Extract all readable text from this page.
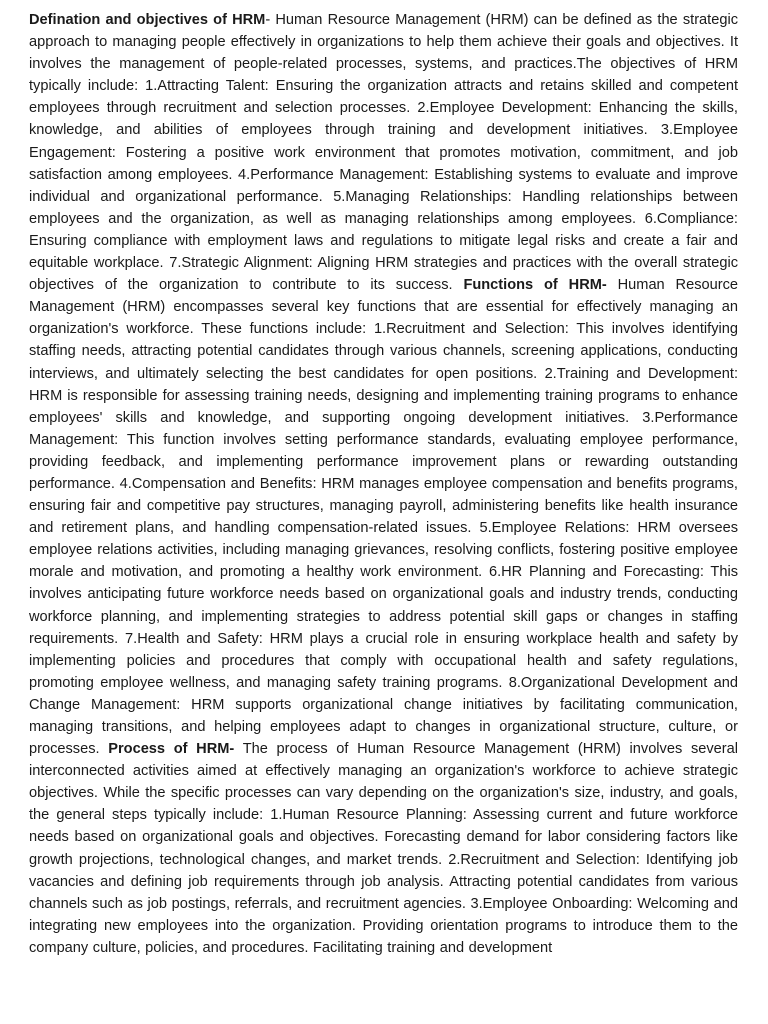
Defination and objectives of HRM- Human Resource Management (HRM) can be defined as the strategic approach to managing people effectively in organizations to help them achieve their goals and objectives. It involves the management of people-related processes, systems, and practices.The objectives of HRM typically include: 1.Attracting Talent: Ensuring the organization attracts and retains skilled and competent employees through recruitment and selection processes. 2.Employee Development: Enhancing the skills, knowledge, and abilities of employees through training and development initiatives. 3.Employee Engagement: Fostering a positive work environment that promotes motivation, commitment, and job satisfaction among employees. 4.Performance Management: Establishing systems to evaluate and improve individual and organizational performance. 5.Managing Relationships: Handling relationships between employees and the organization, as well as managing relationships among employees. 6.Compliance: Ensuring compliance with employment laws and regulations to mitigate legal risks and create a fair and equitable workplace. 7.Strategic Alignment: Aligning HRM strategies and practices with the overall strategic objectives of the organization to contribute to its success. Functions of HRM- Human Resource Management (HRM) encompasses several key functions that are essential for effectively managing an organization's workforce. These functions include: 1.Recruitment and Selection: This involves identifying staffing needs, attracting potential candidates through various channels, screening applications, conducting interviews, and ultimately selecting the best candidates for open positions. 2.Training and Development: HRM is responsible for assessing training needs, designing and implementing training programs to enhance employees' skills and knowledge, and supporting ongoing development initiatives. 3.Performance Management: This function involves setting performance standards, evaluating employee performance, providing feedback, and implementing performance improvement plans or rewarding outstanding performance. 4.Compensation and Benefits: HRM manages employee compensation and benefits programs, ensuring fair and competitive pay structures, managing payroll, administering benefits like health insurance and retirement plans, and handling compensation-related issues. 5.Employee Relations: HRM oversees employee relations activities, including managing grievances, resolving conflicts, fostering positive employee morale and motivation, and promoting a healthy work environment. 6.HR Planning and Forecasting: This involves anticipating future workforce needs based on organizational goals and industry trends, conducting workforce planning, and implementing strategies to address potential skill gaps or changes in staffing requirements. 7.Health and Safety: HRM plays a crucial role in ensuring workplace health and safety by implementing policies and procedures that comply with occupational health and safety regulations, promoting employee wellness, and managing safety training programs. 8.Organizational Development and Change Management: HRM supports organizational change initiatives by facilitating communication, managing transitions, and helping employees adapt to changes in organizational structure, culture, or processes. Process of HRM- The process of Human Resource Management (HRM) involves several interconnected activities aimed at effectively managing an organization's workforce to achieve strategic objectives. While the specific processes can vary depending on the organization's size, industry, and goals, the general steps typically include: 1.Human Resource Planning: Assessing current and future workforce needs based on organizational goals and objectives. Forecasting demand for labor considering factors like growth projections, technological changes, and market trends. 2.Recruitment and Selection: Identifying job vacancies and defining job requirements through job analysis. Attracting potential candidates from various channels such as job postings, referrals, and recruitment agencies. 3.Employee Onboarding: Welcoming and integrating new employees into the organization. Providing orientation programs to introduce them to the company culture, policies, and procedures. Facilitating training and development
